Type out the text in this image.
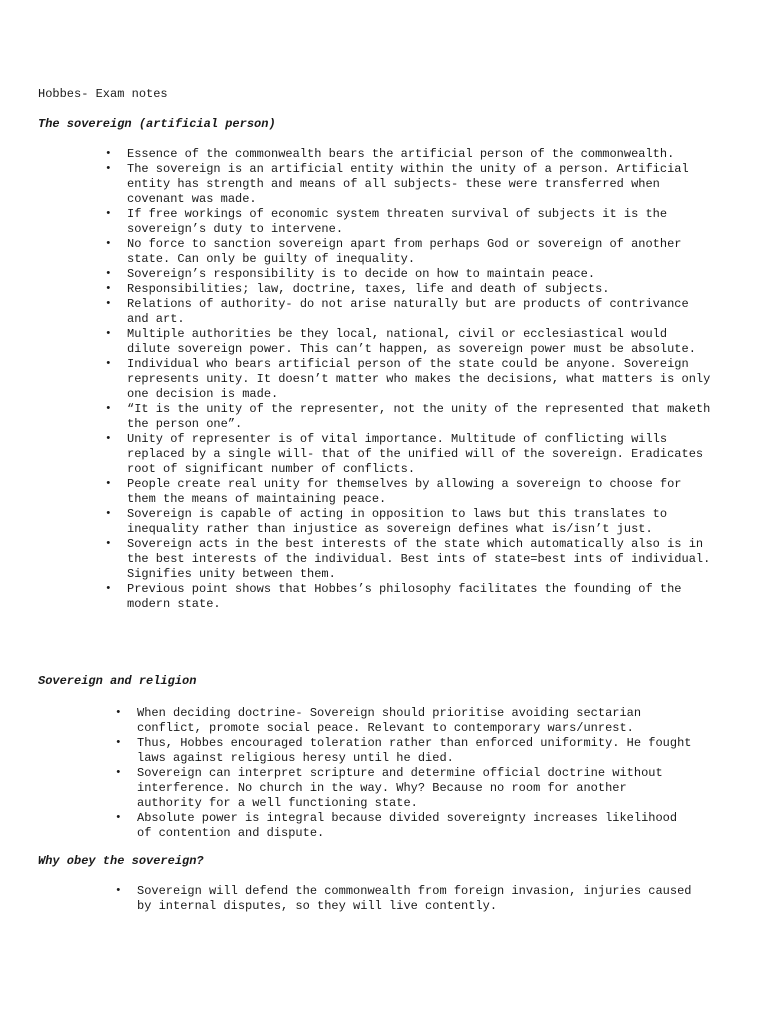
Hobbes- Exam notes
The sovereign (artificial person)
• Essence of the commonwealth bears the artificial person of the commonwealth.
• The sovereign is an artificial entity within the unity of a person. Artificial entity has strength and means of all subjects- these were transferred when covenant was made.
• If free workings of economic system threaten survival of subjects it is the sovereign’s duty to intervene.
• No force to sanction sovereign apart from perhaps God or sovereign of another state. Can only be guilty of inequality.
• Sovereign’s responsibility is to decide on how to maintain peace.
• Responsibilities; law, doctrine, taxes, life and death of subjects.
• Relations of authority- do not arise naturally but are products of contrivance and art.
• Multiple authorities be they local, national, civil or ecclesiastical would dilute sovereign power. This can’t happen, as sovereign power must be absolute.
• Individual who bears artificial person of the state could be anyone. Sovereign represents unity. It doesn’t matter who makes the decisions, what matters is only one decision is made.
• “It is the unity of the representer, not the unity of the represented that maketh the person one”.
• Unity of representer is of vital importance. Multitude of conflicting wills replaced by a single will- that of the unified will of the sovereign. Eradicates root of significant number of conflicts.
• People create real unity for themselves by allowing a sovereign to choose for them the means of maintaining peace.
• Sovereign is capable of acting in opposition to laws but this translates to inequality rather than injustice as sovereign defines what is/isn’t just.
• Sovereign acts in the best interests of the state which automatically also is in the best interests of the individual. Best ints of state=best ints of individual. Signifies unity between them.
• Previous point shows that Hobbes’s philosophy facilitates the founding of the modern state.
Sovereign and religion
• When deciding doctrine- Sovereign should prioritise avoiding sectarian conflict, promote social peace. Relevant to contemporary wars/unrest.
• Thus, Hobbes encouraged toleration rather than enforced uniformity. He fought laws against religious heresy until he died.
• Sovereign can interpret scripture and determine official doctrine without interference. No church in the way. Why? Because no room for another authority for a well functioning state.
• Absolute power is integral because divided sovereignty increases likelihood of contention and dispute.
Why obey the sovereign?
• Sovereign will defend the commonwealth from foreign invasion, injuries caused by internal disputes, so they will live contently.
